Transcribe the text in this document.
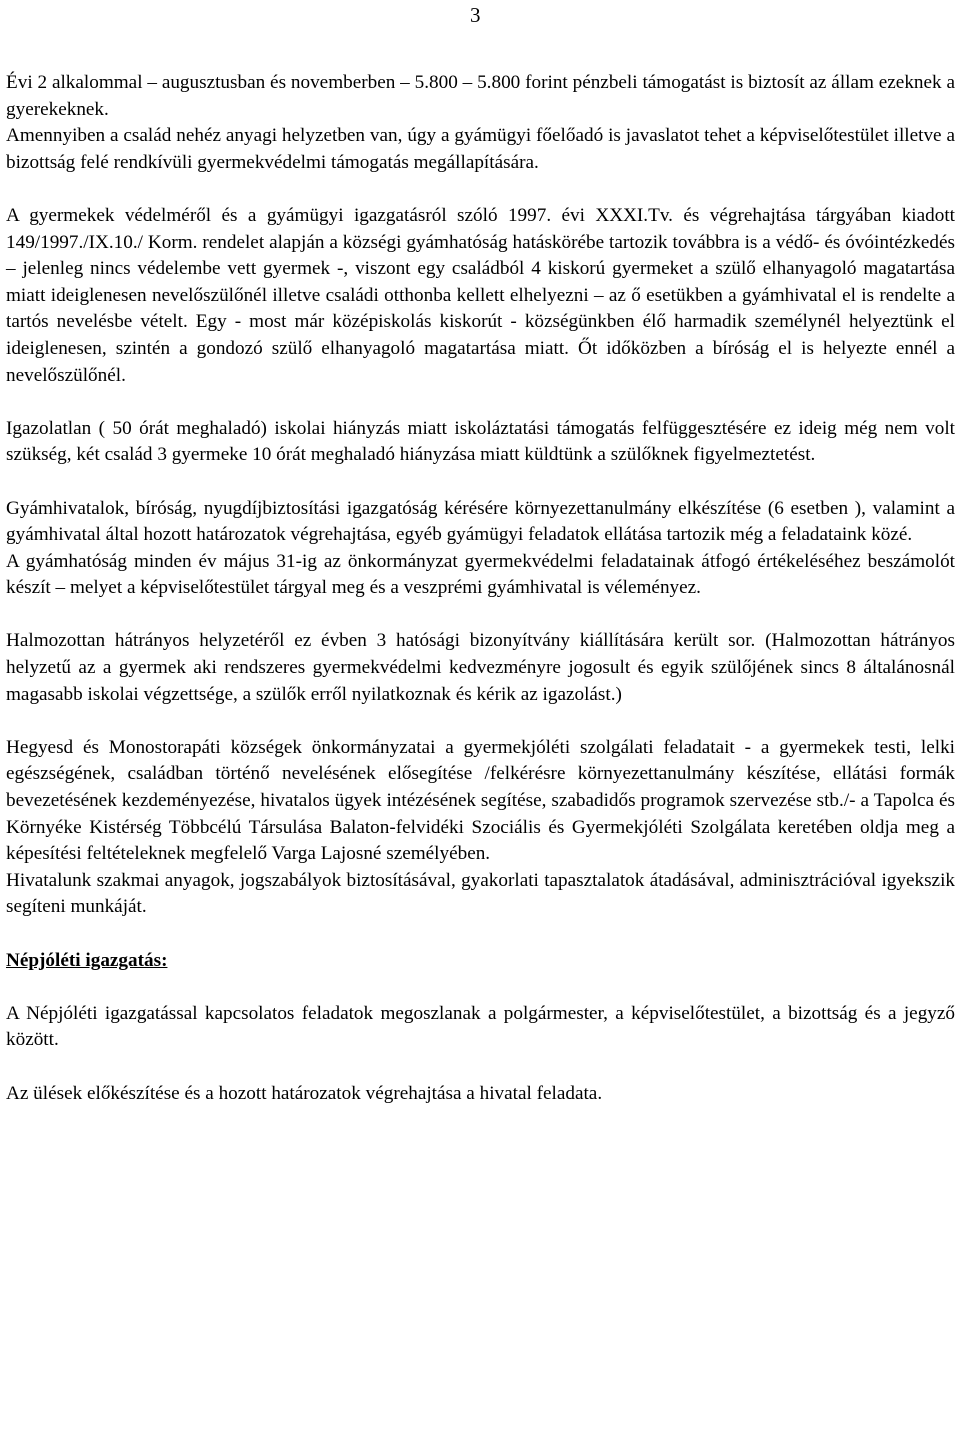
3

Évi 2 alkalommal – augusztusban és novemberben – 5.800 – 5.800 forint pénzbeli támogatást is biztosít az állam ezeknek a gyerekeknek.

Amennyiben a család nehéz anyagi helyzetben van, úgy a gyámügyi főelőadó is javaslatot tehet a képviselőtestület illetve a bizottság felé rendkívüli gyermekvédelmi támogatás megállapítására.

A gyermekek védelméről és a gyámügyi igazgatásról szóló 1997. évi XXXI.Tv. és végrehajtása tárgyában kiadott 149/1997./IX.10./ Korm. rendelet alapján a községi gyámhatóság hatáskörébe tartozik továbbra is a védő- és óvóintézkedés – jelenleg nincs védelembe vett gyermek -, viszont egy családból 4 kiskorú gyermeket a szülő elhanyagoló magatartása miatt ideiglenesen nevelőszülőnél illetve családi otthonba kellett elhelyezni – az ő esetükben a gyámhivatal el is rendelte a tartós nevelésbe vételt. Egy - most már középiskolás kiskorút - községünkben élő harmadik személynél helyeztünk el ideiglenesen, szintén a gondozó szülő elhanyagoló magatartása miatt. Őt időközben a bíróság el is helyezte ennél a nevelőszülőnél.

Igazolatlan ( 50 órát meghaladó) iskolai hiányzás miatt iskoláztatási támogatás felfüggesztésére ez ideig még nem volt szükség, két család 3 gyermeke 10 órát meghaladó hiányzása miatt küldtünk a szülőknek figyelmeztetést.

Gyámhivatalok, bíróság, nyugdíjbiztosítási igazgatóság kérésére környezettanulmány elkészítése (6 esetben ), valamint a gyámhivatal által hozott határozatok végrehajtása, egyéb gyámügyi feladatok ellátása tartozik még a feladataink közé.

A gyámhatóság minden év május 31-ig az önkormányzat gyermekvédelmi feladatainak átfogó értékeléséhez beszámolót készít – melyet a képviselőtestület tárgyal meg és a veszprémi gyámhivatal is véleményez.

Halmozottan hátrányos helyzetéről ez évben 3 hatósági bizonyítvány kiállítására került sor. (Halmozottan hátrányos helyzetű az a gyermek aki rendszeres gyermekvédelmi kedvezményre jogosult és egyik szülőjének sincs 8 általánosnál magasabb iskolai végzettsége, a szülők erről nyilatkoznak és kérik az igazolást.)

Hegyesd és Monostorapáti községek önkormányzatai a gyermekjóléti szolgálati feladatait - a gyermekek testi, lelki egészségének, családban történő nevelésének elősegítése /felkérésre környezettanulmány készítése, ellátási formák bevezetésének kezdeményezése, hivatalos ügyek intézésének segítése, szabadidős programok szervezése stb./- a Tapolca és Környéke Kistérség Többcélú Társulása Balaton-felvidéki Szociális és Gyermekjóléti Szolgálata keretében oldja meg a képesítési feltételeknek megfelelő Varga Lajosné személyében.

Hivatalunk szakmai anyagok, jogszabályok biztosításával, gyakorlati tapasztalatok átadásával, adminisztrációval igyekszik segíteni munkáját.

Népjóléti igazgatás:

A Népjóléti igazgatással kapcsolatos feladatok megoszlanak a polgármester, a képviselőtestület, a bizottság és a jegyző között.

Az ülések előkészítése és a hozott határozatok végrehajtása a hivatal feladata.
